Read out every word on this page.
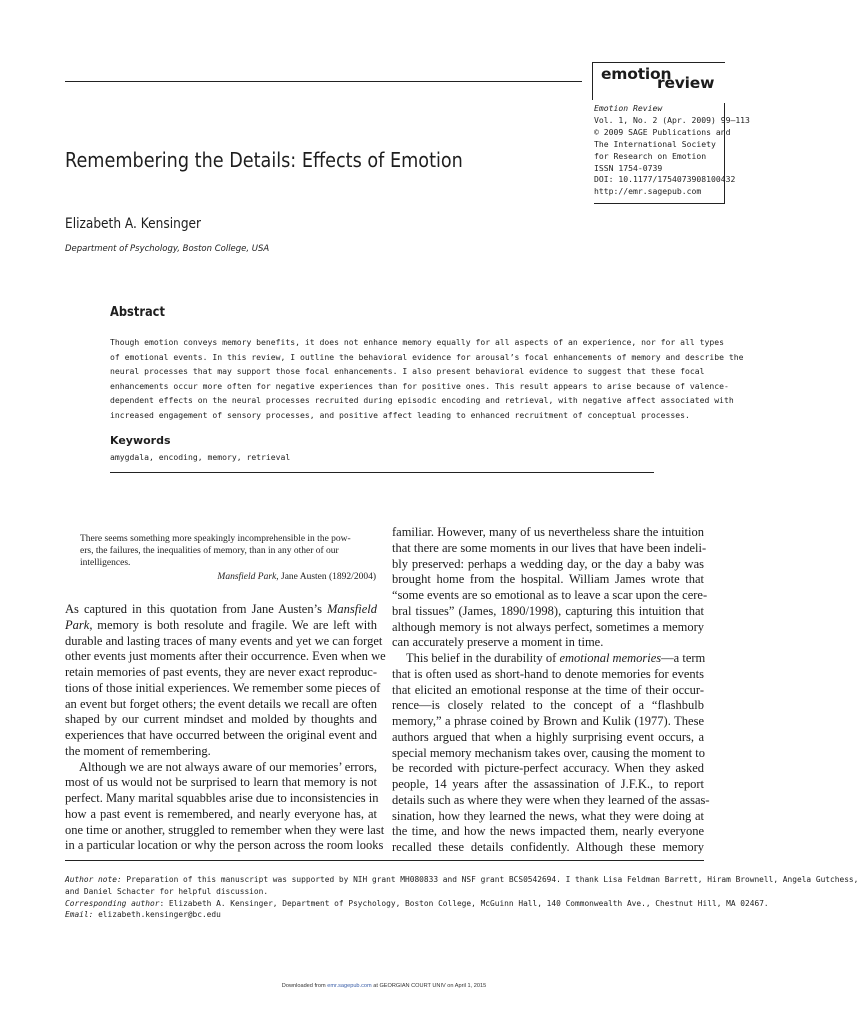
emotion
review
Emotion Review
Vol. 1, No. 2 (Apr. 2009) 99–113
© 2009 SAGE Publications and
The International Society
for Research on Emotion
ISSN 1754-0739
DOI: 10.1177/1754073908100432
http://emr.sagepub.com
Remembering the Details: Effects of Emotion
Elizabeth A. Kensinger
Department of Psychology, Boston College, USA
Abstract
Though emotion conveys memory benefits, it does not enhance memory equally for all aspects of an experience, nor for all types
of emotional events. In this review, I outline the behavioral evidence for arousal’s focal enhancements of memory and describe the
neural processes that may support those focal enhancements. I also present behavioral evidence to suggest that these focal
enhancements occur more often for negative experiences than for positive ones. This result appears to arise because of valence-
dependent effects on the neural processes recruited during episodic encoding and retrieval, with negative affect associated with
increased engagement of sensory processes, and positive affect leading to enhanced recruitment of conceptual processes.
Keywords
amygdala, encoding, memory, retrieval
There seems something more speakingly incomprehensible in the pow-
ers, the failures, the inequalities of memory, than in any other of our
intelligences.
Mansfield Park, Jane Austen (1892/2004)
As captured in this quotation from Jane Austen’s Mansfield
Park, memory is both resolute and fragile. We are left with
durable and lasting traces of many events and yet we can forget
other events just moments after their occurrence. Even when we
retain memories of past events, they are never exact reproduc-
tions of those initial experiences. We remember some pieces of
an event but forget others; the event details we recall are often
shaped by our current mindset and molded by thoughts and
experiences that have occurred between the original event and
the moment of remembering.
Although we are not always aware of our memories’ errors,
most of us would not be surprised to learn that memory is not
perfect. Many marital squabbles arise due to inconsistencies in
how a past event is remembered, and nearly everyone has, at
one time or another, struggled to remember when they were last
in a particular location or why the person across the room looks
familiar. However, many of us nevertheless share the intuition
that there are some moments in our lives that have been indeli-
bly preserved: perhaps a wedding day, or the day a baby was
brought home from the hospital. William James wrote that
“some events are so emotional as to leave a scar upon the cere-
bral tissues” (James, 1890/1998), capturing this intuition that
although memory is not always perfect, sometimes a memory
can accurately preserve a moment in time.
This belief in the durability of emotional memories—a term
that is often used as short-hand to denote memories for events
that elicited an emotional response at the time of their occur-
rence—is closely related to the concept of a “flashbulb
memory,” a phrase coined by Brown and Kulik (1977). These
authors argued that when a highly surprising event occurs, a
special memory mechanism takes over, causing the moment to
be recorded with picture-perfect accuracy. When they asked
people, 14 years after the assassination of J.F.K., to report
details such as where they were when they learned of the assas-
sination, how they learned the news, what they were doing at
the time, and how the news impacted them, nearly everyone
recalled these details confidently. Although these memory
Author note: Preparation of this manuscript was supported by NIH grant MH080833 and NSF grant BCS0542694. I thank Lisa Feldman Barrett, Hiram Brownell, Angela Gutchess,
and Daniel Schacter for helpful discussion.
Corresponding author: Elizabeth A. Kensinger, Department of Psychology, Boston College, McGuinn Hall, 140 Commonwealth Ave., Chestnut Hill, MA 02467.
Email: elizabeth.kensinger@bc.edu
Downloaded from emr.sagepub.com at GEORGIAN COURT UNIV on April 1, 2015
